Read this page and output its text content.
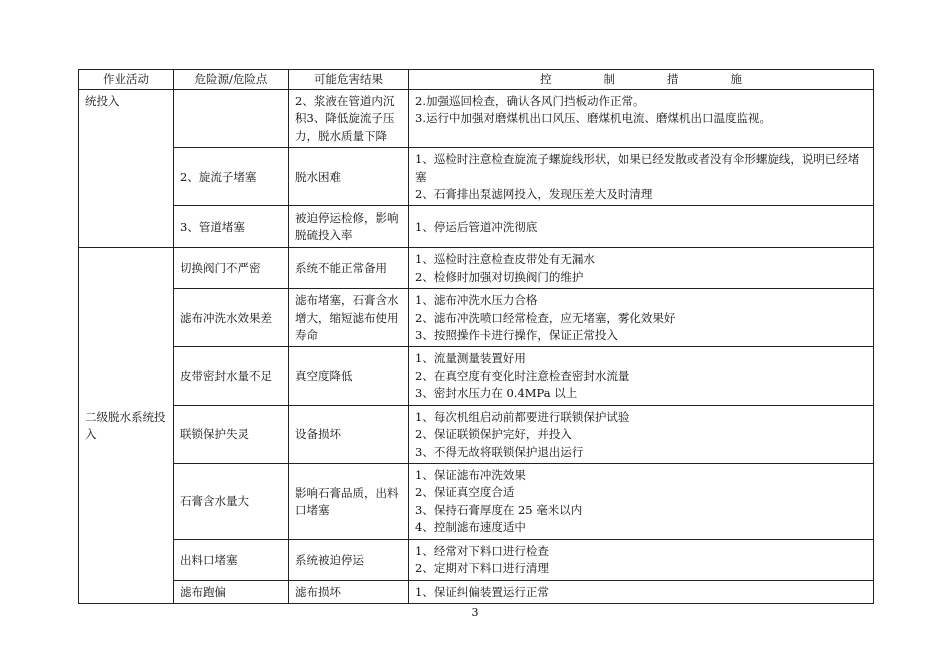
作业活动	危险源/危险点	可能危害结果	控制措施
统投入		2、浆液在管道内沉积3、降低旋流子压力，脱水质量下降	2.加强巡回检查，确认各风门挡板动作正常。
3.运行中加强对磨煤机出口风压、磨煤机电流、磨煤机出口温度监视。

	2、旋流子堵塞	脱水困难	1、巡检时注意检查旋流子螺旋线形状，如果已经发散或者没有伞形螺旋线，说明已经堵塞
2、石膏排出泵滤网投入，发现压差大及时清理

	3、管道堵塞	被迫停运检修，影响脱硫投入率	1、停运后管道冲洗彻底

二级脱水系统投入	切换阀门不严密	系统不能正常备用	1、巡检时注意检查皮带处有无漏水
2、检修时加强对切换阀门的维护

	滤布冲洗水效果差	滤布堵塞，石膏含水增大，缩短滤布使用寿命	1、滤布冲洗水压力合格
2、滤布冲洗喷口经常检查，应无堵塞，雾化效果好
3、按照操作卡进行操作，保证正常投入

	皮带密封水量不足	真空度降低	1、流量测量装置好用
2、在真空度有变化时注意检查密封水流量
3、密封水压力在 0.4MPa 以上

	联锁保护失灵	设备损坏	1、每次机组启动前都要进行联锁保护试验
2、保证联锁保护完好，并投入
3、不得无故将联锁保护退出运行

	石膏含水量大	影响石膏品质，出料口堵塞	1、保证滤布冲洗效果
2、保证真空度合适
3、保持石膏厚度在 25 毫米以内
4、控制滤布速度适中

	出料口堵塞	系统被迫停运	1、经常对下料口进行检查
2、定期对下料口进行清理

	滤布跑偏	滤布损坏	1、保证纠偏装置运行正常
3
